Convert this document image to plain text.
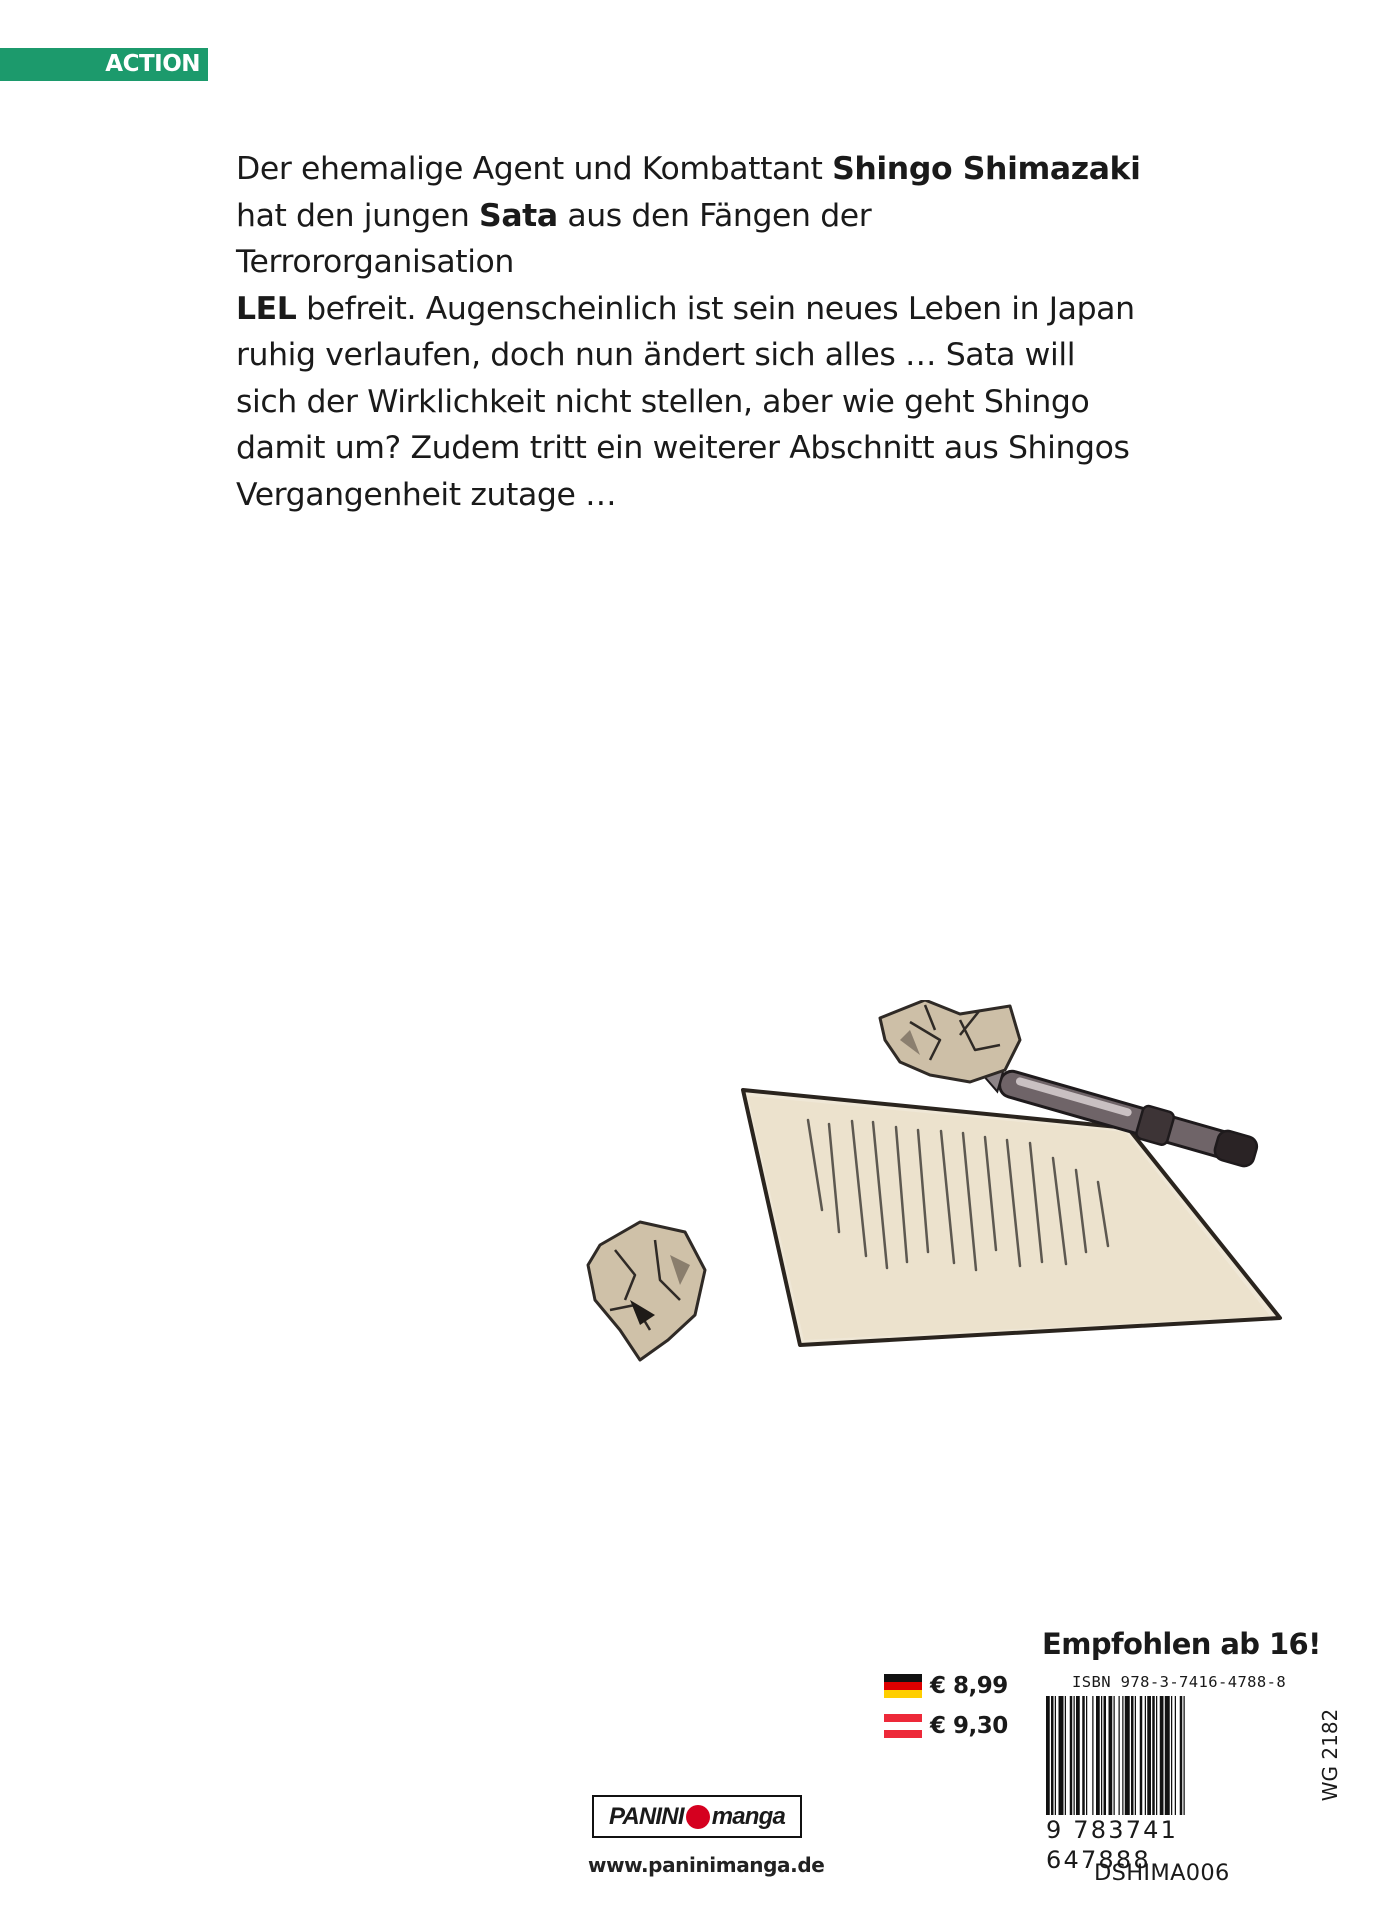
ACTION
Der ehemalige Agent und Kombattant Shingo Shimazaki
hat den jungen Sata aus den Fängen der Terrororganisation
LEL befreit. Augenscheinlich ist sein neues Leben in Japan
ruhig verlaufen, doch nun ändert sich alles … Sata will
sich der Wirklichkeit nicht stellen, aber wie geht Shingo
damit um? Zudem tritt ein weiterer Abschnitt aus Shingos
Vergangenheit zutage …
Empfohlen ab 16!
€ 8,99
€ 9,30
ISBN 978-3-7416-4788-8
9 783741 647888
WG 2182
DSHIMA006
PANINI manga
www.paninimanga.de
